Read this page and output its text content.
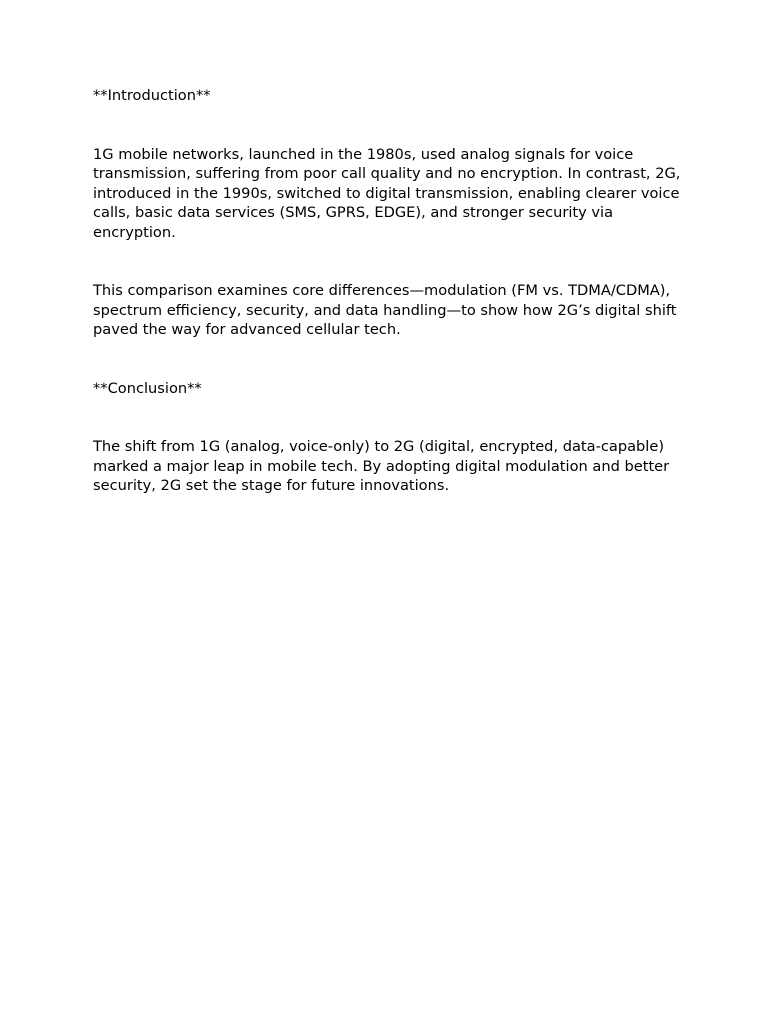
**Introduction**

1G mobile networks, launched in the 1980s, used analog signals for voice transmission, suffering from poor call quality and no encryption. In contrast, 2G, introduced in the 1990s, switched to digital transmission, enabling clearer voice calls, basic data services (SMS, GPRS, EDGE), and stronger security via encryption.

This comparison examines core differences—modulation (FM vs. TDMA/CDMA), spectrum efficiency, security, and data handling—to show how 2G’s digital shift paved the way for advanced cellular tech.

**Conclusion**

The shift from 1G (analog, voice-only) to 2G (digital, encrypted, data-capable) marked a major leap in mobile tech. By adopting digital modulation and better security, 2G set the stage for future innovations.
